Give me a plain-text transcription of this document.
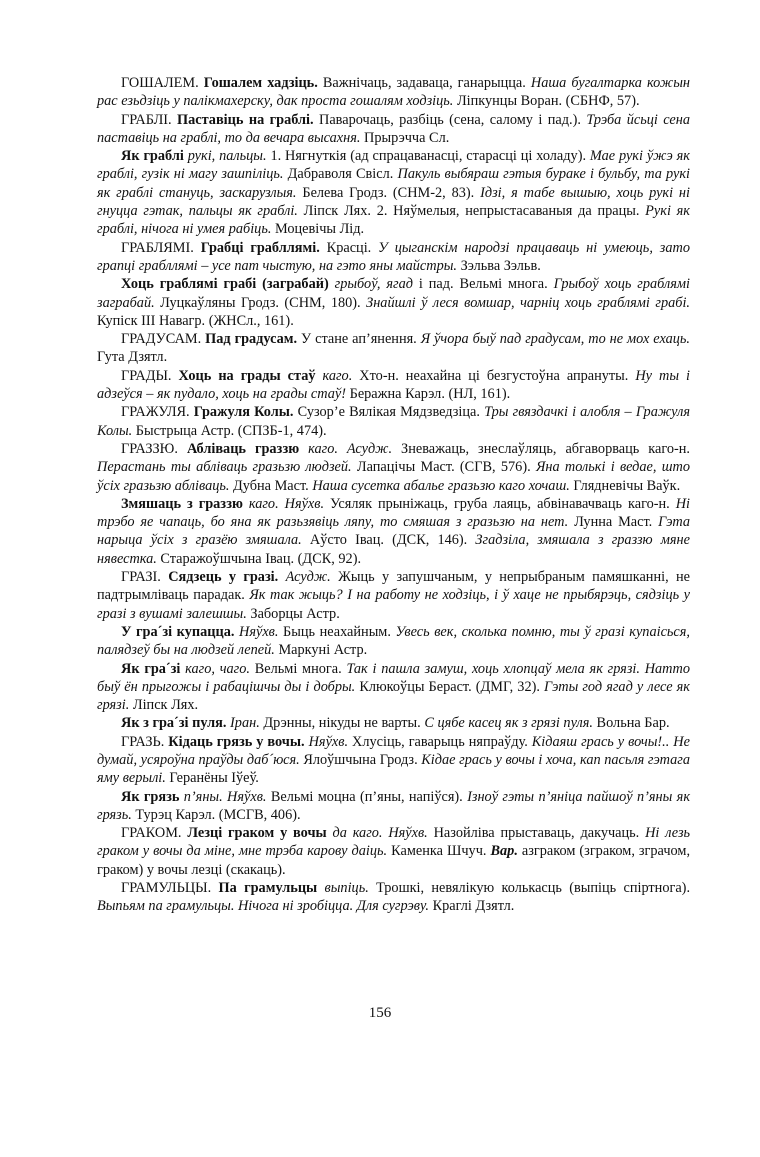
ГОШАЛЕМ. Гошалем хадзіць. Важнічаць, задаваца, ганарыцца. Наша бугалтарка кожын рас езьдзіць у палікмахерску, дак проста гошалям ходзіць. Ліпкунцы Воран. (СБНФ, 57).

ГРАБЛІ. Паставіць на граблі. Паварочаць, разбіць (сена, салому і пад.). Трэба йсьці сена паставіць на граблі, то да вечара высахня. Прырэчча Сл.

Як граблі рукі, пальцы. 1. Нягнуткія (ад спрацаванасці, старасці ці холаду). Мае рукі ўжэ як граблі, гузік ні магу зашпіліць. Дабраволя Свісл. Пакуль выбяраш гэтыя бураке і бульбу, та рукі як граблі стануць, заскарузлыя. Белева Гродз. (СНМ-2, 83). Ідзі, я табе вышыю, хоць рукі ні гнуцца гэтак, пальцы як граблі. Ліпск Лях. 2. Няўмелыя, непрыстасаваныя да працы. Рукі як граблі, нічога ні умея рабіць. Моцевічы Лід.

ГРАБЛЯМІ. Грабці грабллямі. Красці. У цыганскім народзі працаваць ні умеюць, зато грапці грабллямі – усе пат чыстую, на гэто яны майстры. Зэльва Зэльв.

Хоць граблямі грабі (заграбай) грыбоў, ягад і пад. Вельмі многа. Грыбоў хоць граблямі заграбай. Луцкаўляны Гродз. (СНМ, 180). Знайшлі ў леся вомшар, чарніц хоць граблямі грабі. Купіск ІІІ Навагр. (ЖНСл., 161).

ГРАДУСАМ. Пад градусам. У стане ап’янення. Я ўчора быў пад градусам, то не мох ехаць. Гута Дзятл.

ГРАДЫ. Хоць на грады стаў каго. Хто-н. неахайна ці безгустоўна апрануты. Ну ты і адзеўся – як пудало, хоць на грады стаў! Беражна Карэл. (НЛ, 161).

ГРАЖУЛЯ. Гражуля Колы. Сузор’е Вялікая Мядзведзіца. Тры гвяздачкі і алобля – Гражуля Колы. Быстрыца Астр. (СПЗБ-1, 474).

ГРАЗЗЮ. Абліваць граззю каго. Асудж. Зневажаць, знеслаўляць, абгаворваць каго-н. Перастань ты абліваць гразьзю людзей. Лапацічы Маст. (СГВ, 576). Яна толькі і ведае, што ўсіх гразьзю абліваць. Дубна Маст. Наша сусетка абалье гразьзю каго хочаш. Глядневічы Ваўк.

Змяшаць з граззю каго. Няўхв. Усяляк прыніжаць, груба лаяць, абвінавачваць каго-н. Ні трэбо яе чапаць, бо яна як разьзявіць ляпу, то смяшая з гразьзю на нет. Лунна Маст. Гэта нарыца ўсіх з гразёю змяшала. Аўсто Івац. (ДСК, 146). Згадзіла, змяшала з граззю мяне нявестка. Старажоўшчына Івац. (ДСК, 92).

ГРАЗІ. Сядзець у гразі. Асудж. Жыць у запушчаным, у непрыбраным памяшканні, не падтрымліваць парадак. Як так жыць? І на работу не ходзіць, і ў хаце не прыбярэць, сядзіць у гразі з вушамі залешшы. Заборцы Астр.

У гра´зі купацца. Няўхв. Быць неахайным. Увесь век, сколька помню, ты ў гразі купаісься, палядзеў бы на людзей лепей. Маркуні Астр.

Як гра´зі каго, чаго. Вельмі многа. Так і пашла замуш, хоць хлопцаў мела як грязі. Натто быў ён прыгожы і рабацішчы ды і добры. Клюкоўцы Бераст. (ДМГ, 32). Гэты год ягад у лесе як грязі. Ліпск Лях.

Як з гра´зі пуля. Іран. Дрэнны, нікуды не варты. С цябе касец як з грязі пуля. Вольна Бар.

ГРАЗЬ. Кідаць грязь у вочы. Няўхв. Хлусіць, гаварыць няпраўду. Кідаяш грась у вочы!.. Не думай, усяроўна праўды даб´юся. Ялоўшчына Гродз. Кідае грась у вочы і хоча, кап пасьля гэтага яму верылі. Геранёны Іўеў.

Як грязь п’яны. Няўхв. Вельмі моцна (п’яны, напіўся). Ізноў гэты п’яніца пайшоў п’яны як грязь. Турэц Карэл. (МСГВ, 406).

ГРАКОМ. Лезці граком у вочы да каго. Няўхв. Назойліва прыставаць, дакучаць. Ні лезь граком у вочы да міне, мне трэба карову даіць. Каменка Шчуч. Вар. азграком (зграком, зграчом, граком) у вочы лезці (скакаць).

ГРАМУЛЬЦЫ. Па грамульцы выпіць. Трошкі, невялікую колькасць (выпіць спіртнога). Выпьям па грамульцы. Нічога ні зробіцца. Для сугрэву. Краглі Дзятл.

156
